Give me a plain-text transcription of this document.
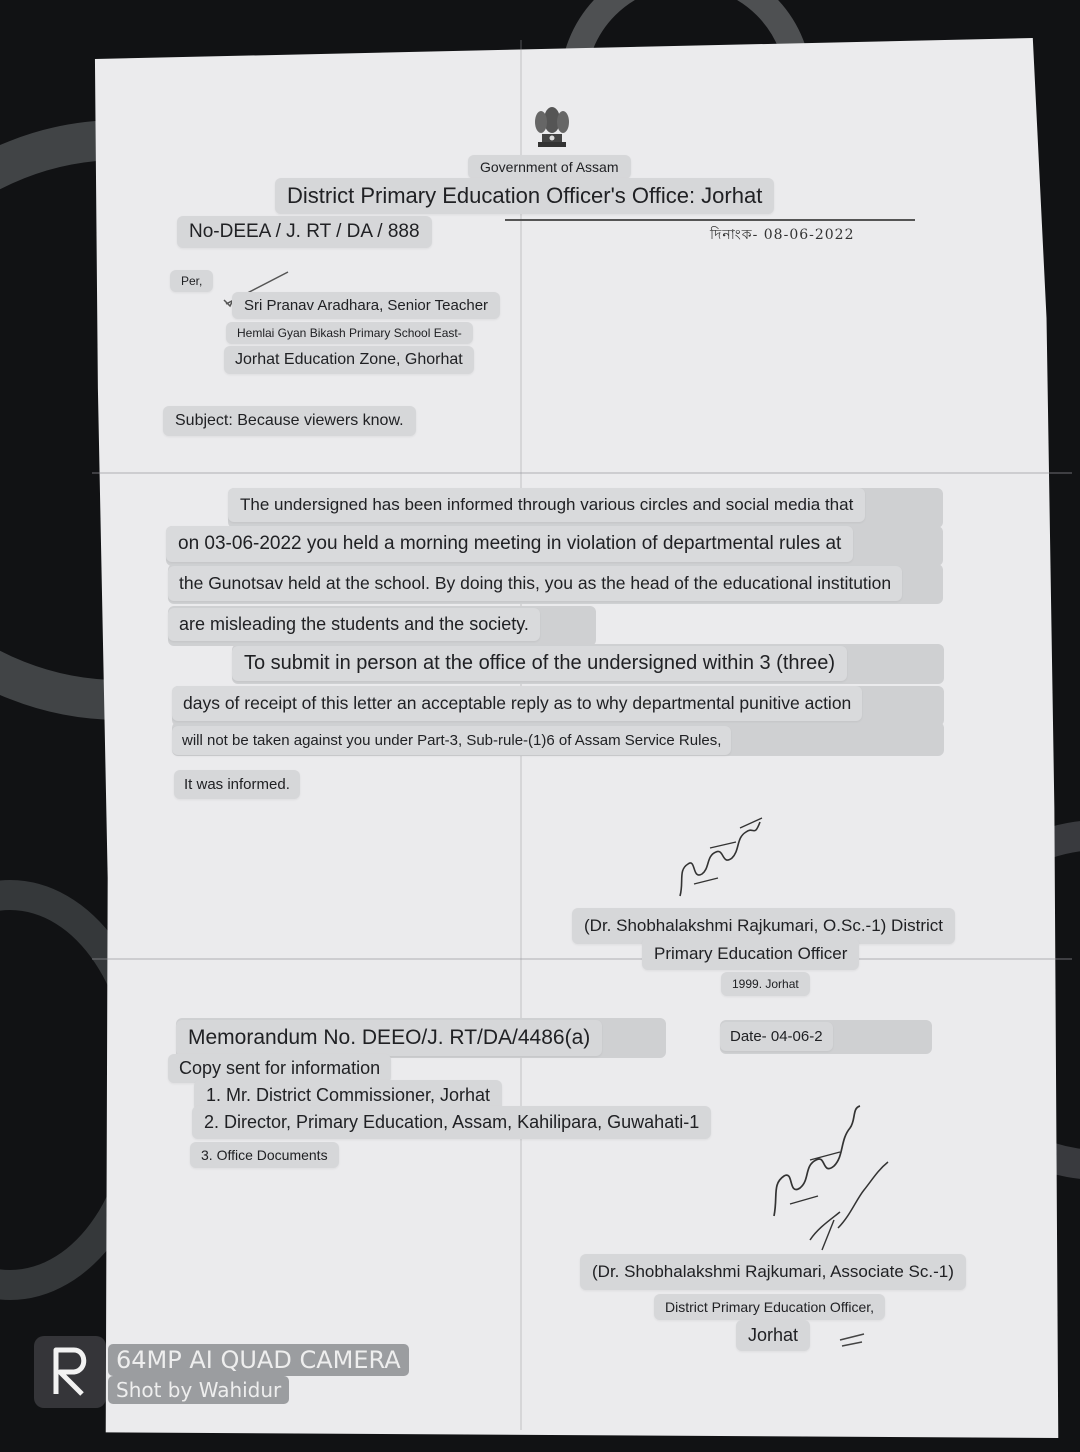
Government of Assam
District Primary Education Officer's Office: Jorhat
No-DEEA / J. RT / DA / 888	দিনাংক- 08-06-2022
Per,
Sri Pranav Aradhara, Senior Teacher
Hemlai Gyan Bikash Primary School East-
Jorhat Education Zone, Ghorhat
Subject: Because viewers know.
The undersigned has been informed through various circles and social media that
on 03-06-2022 you held a morning meeting in violation of departmental rules at
the Gunotsav held at the school. By doing this, you as the head of the educational institution
are misleading the students and the society.
To submit in person at the office of the undersigned within 3 (three)
days of receipt of this letter an acceptable reply as to why departmental punitive action
will not be taken against you under Part-3, Sub-rule-(1)6 of Assam Service Rules,
It was informed.
(Dr. Shobhalakshmi Rajkumari, O.Sc.-1) District
Primary Education Officer
1999. Jorhat
Memorandum No. DEEO/J. RT/DA/4486(a)	Date- 04-06-2
Copy sent for information
1. Mr. District Commissioner, Jorhat
2. Director, Primary Education, Assam, Kahilipara, Guwahati-1
3. Office Documents
(Dr. Shobhalakshmi Rajkumari, Associate Sc.-1)
District Primary Education Officer,
Jorhat
64MP AI QUAD CAMERA
Shot by Wahidur
